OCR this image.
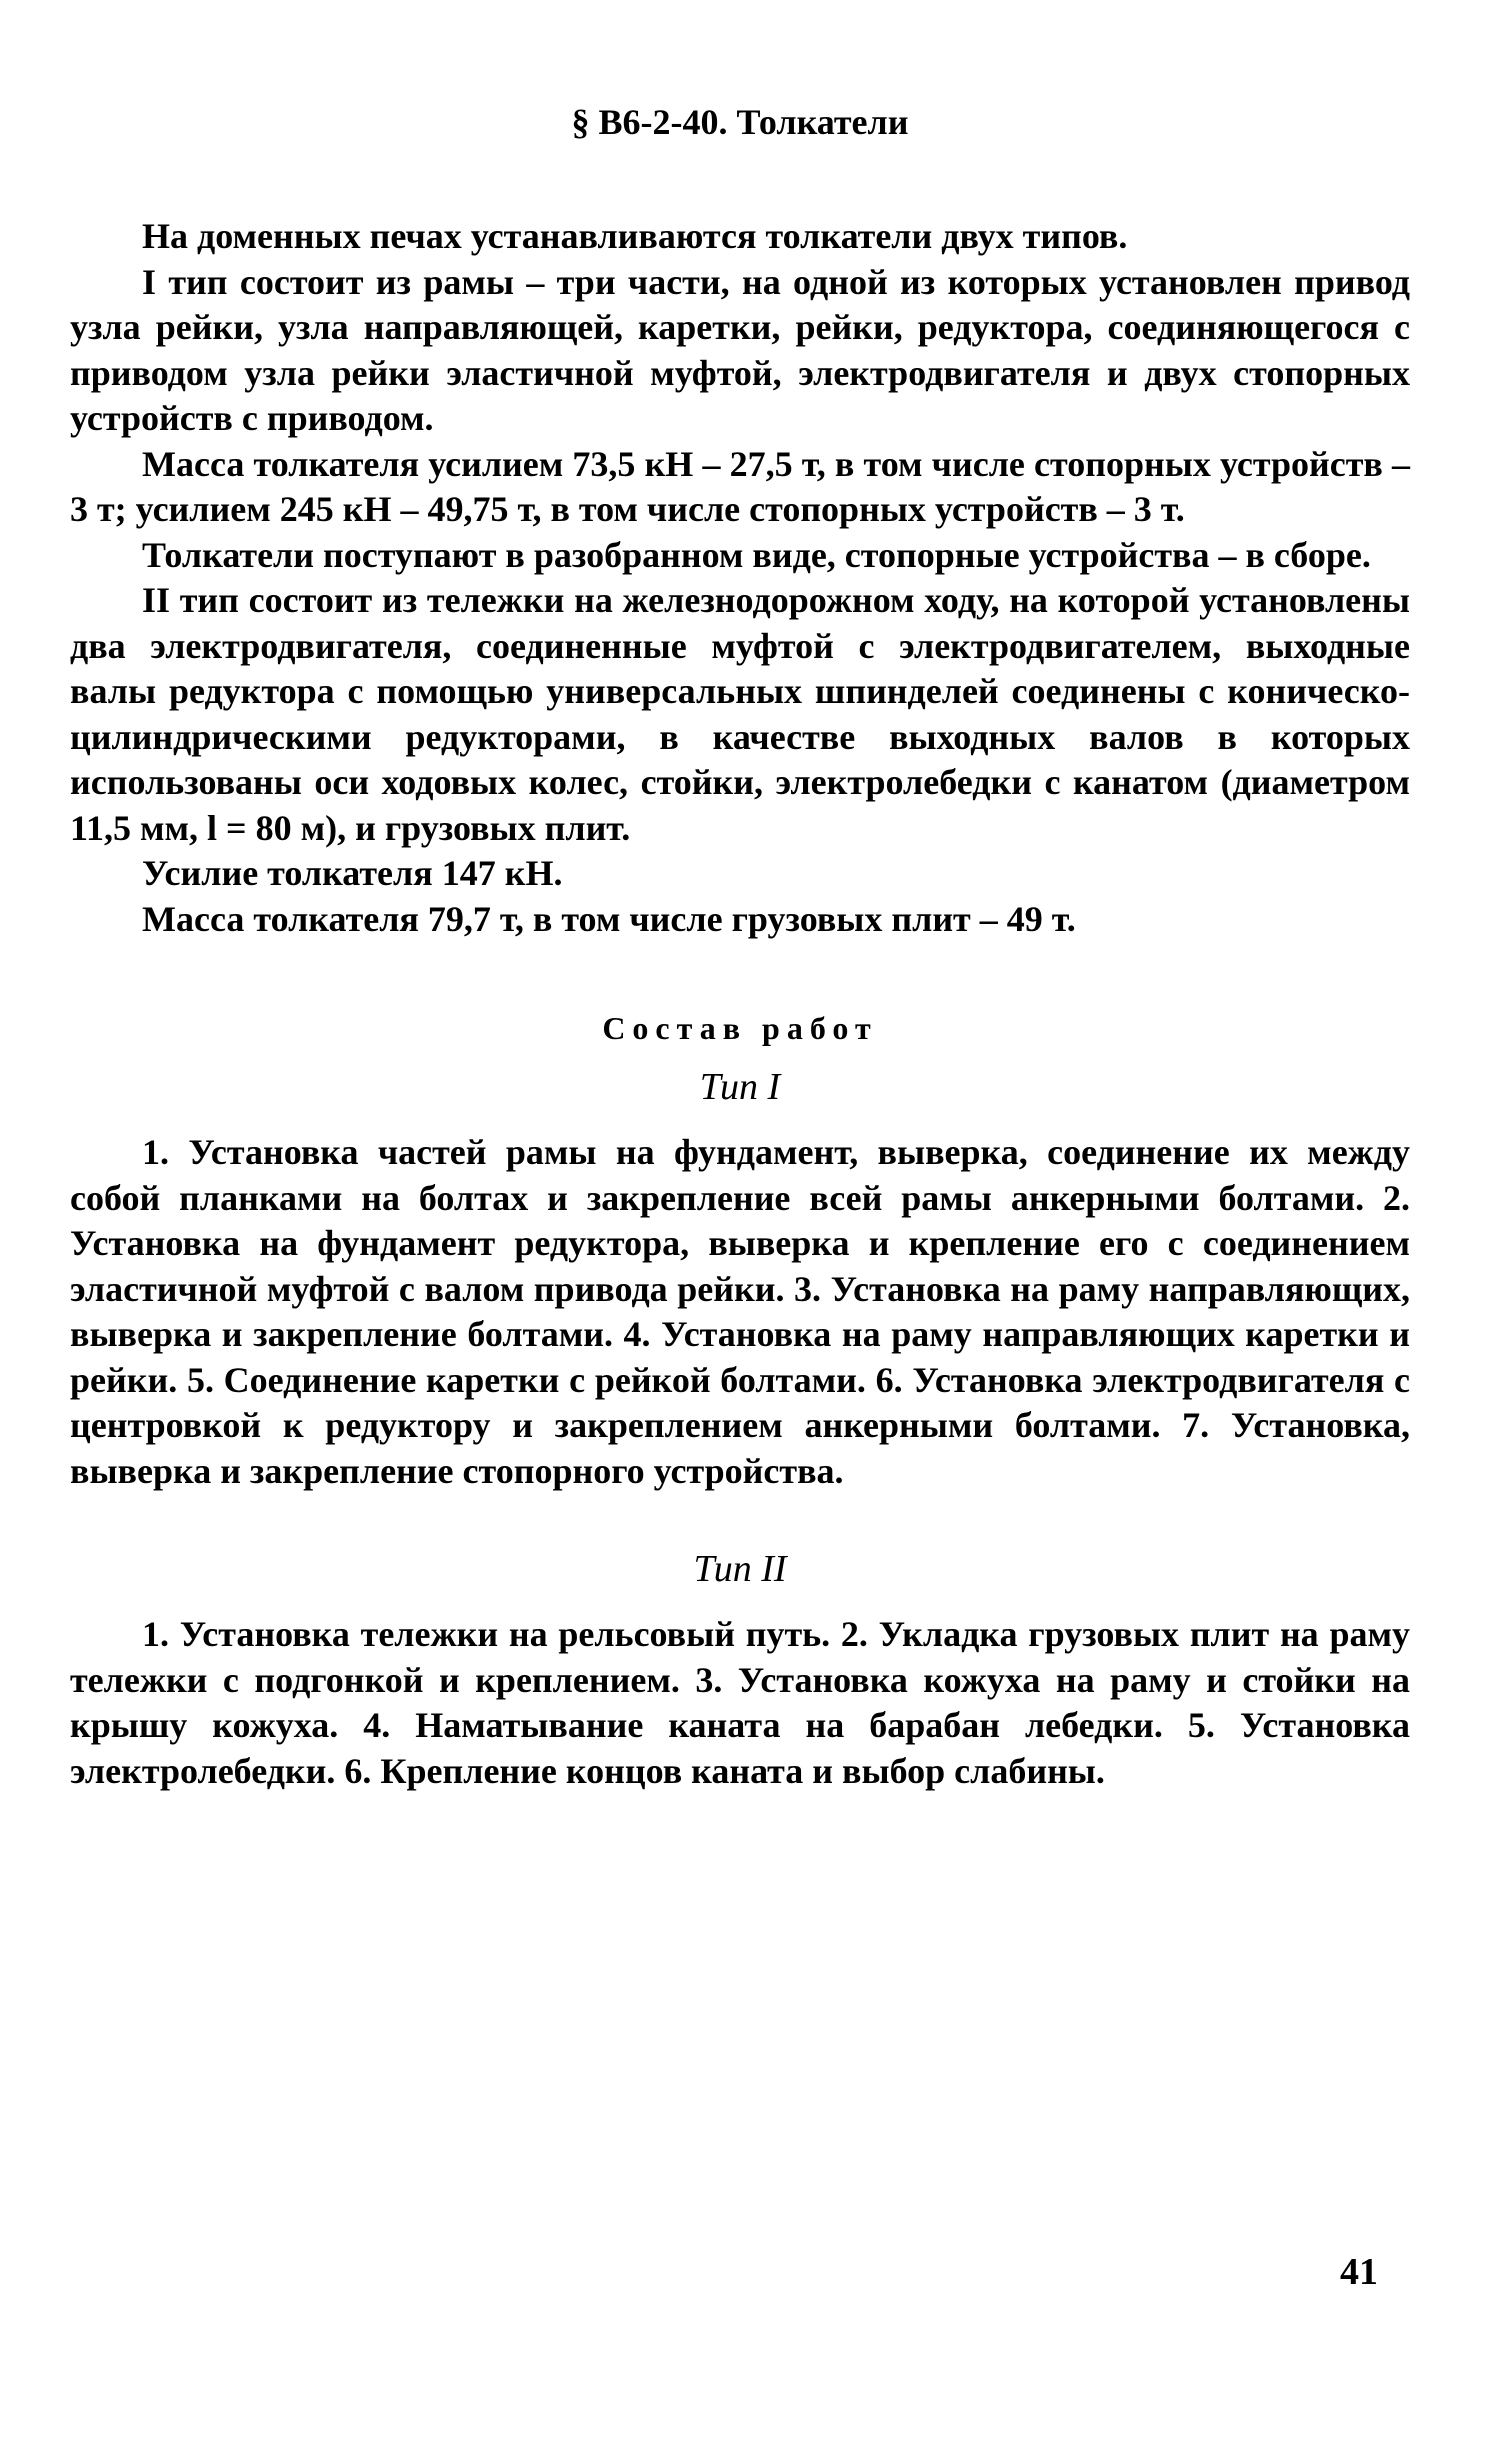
§ В6-2-40. Толкатели

На доменных печах устанавливаются толкатели двух типов.

I тип состоит из рамы – три части, на одной из которых установлен привод узла рейки, узла направляющей, каретки, рейки, редуктора, соединяющегося с приводом узла рейки эластичной муфтой, электродвигателя и двух стопорных устройств с приводом.

Масса толкателя усилием 73,5 кН – 27,5 т, в том числе стопорных устройств – 3 т; усилием 245 кН – 49,75 т, в том числе стопорных устройств – 3 т.

Толкатели поступают в разобранном виде, стопорные устройства – в сборе.

II тип состоит из тележки на железнодорожном ходу, на которой установлены два электродвигателя, соединенные муфтой с электродвигателем, выходные валы редуктора с помощью универсальных шпинделей соединены с коническо-цилиндрическими редукторами, в качестве выходных валов в которых использованы оси ходовых колес, стойки, электролебедки с канатом (диаметром 11,5 мм, l = 80 м), и грузовых плит.

Усилие толкателя 147 кН.

Масса толкателя 79,7 т, в том числе грузовых плит – 49 т.

Состав работ
Тип I

1. Установка частей рамы на фундамент, выверка, соединение их между собой планками на болтах и закрепление всей рамы анкерными болтами. 2. Установка на фундамент редуктора, выверка и крепление его с соединением эластичной муфтой с валом привода рейки. 3. Установка на раму направляющих, выверка и закрепление болтами. 4. Установка на раму направляющих каретки и рейки. 5. Соединение каретки с рейкой болтами. 6. Установка электродвигателя с центровкой к редуктору и закреплением анкерными болтами. 7. Установка, выверка и закрепление стопорного устройства.

Тип II

1. Установка тележки на рельсовый путь. 2. Укладка грузовых плит на раму тележки с подгонкой и креплением. 3. Установка кожуха на раму и стойки на крышу кожуха. 4. Наматывание каната на барабан лебедки. 5. Установка электролебедки. 6. Крепление концов каната и выбор слабины.

41
